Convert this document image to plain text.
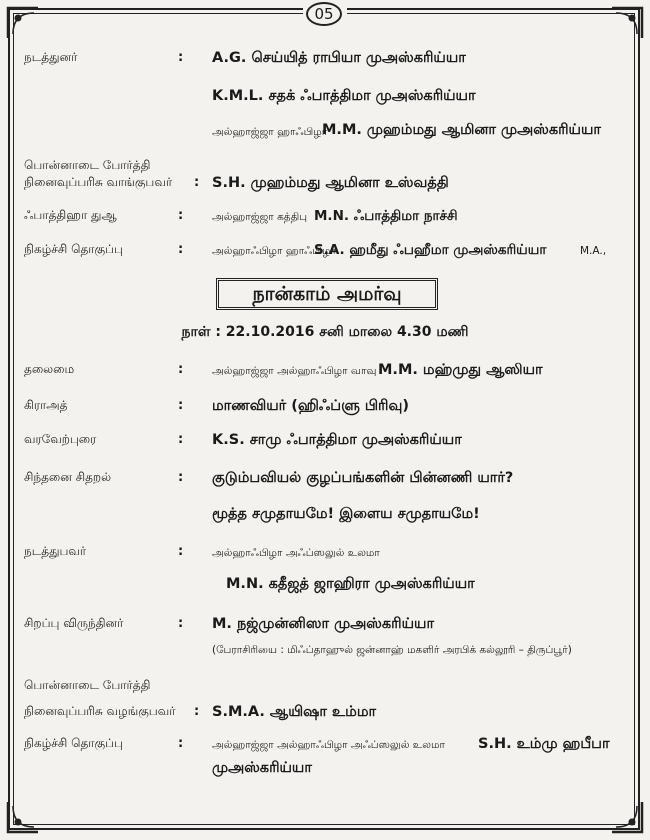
05
நடத்துனர்	: A.G. செய்யித் ராபியா முஅஸ்கரிய்யா
K.M.L. சதக் ஃபாத்திமா முஅஸ்கரிய்யா
அல்ஹாஜ்ஜா ஹாஃபிழா
M.M. முஹம்மது ஆமினா முஅஸ்கரிய்யா
பொன்னாடை போர்த்தி
நினைவுப்பரிசு வாங்குபவர் : S.H. முஹம்மது ஆமினா உஸ்வத்தி
ஃபாத்திஹா துஆ	:	அல்ஹாஜ்ஜா கத்திபு M.N. ஃபாத்திமா நாச்சி
நிகழ்ச்சி தொகுப்பு	:	அல்ஹாஃபிழா ஹாஃபிழா
S.A. ஹமீது ஃபஹீமா முஅஸ்கரிய்யா	M.A.,
நான்காம் அமர்வு
நாள் : 22.10.2016 சனி மாலை 4.30 மணி
தலைமை	:	அல்ஹாஜ்ஜா அல்ஹாஃபிழா வாவு M.M. மஹ்முது ஆஸியா
கிராஅத்	: மாணவியர் (ஹிஃப்ளு பிரிவு)
வரவேற்புரை	: K.S. சாமு ஃபாத்திமா முஅஸ்கரிய்யா
சிந்தனை சிதறல்	: குடும்பவியல் குழப்பங்களின் பின்னணி யார்?
மூத்த சமுதாயமே! இளைய சமுதாயமே!
நடத்துபவர்	:	அல்ஹாஃபிழா அஃப்ஸலுல் உலமா
M.N. கதீஜத் ஜாஹிரா முஅஸ்கரிய்யா
சிறப்பு விருந்தினர்	: M. நஜ்முன்னிஸா முஅஸ்கரிய்யா
(பேராசிரியை : மிஃப்தாஹுல் ஜன்னாஹ் மகளிர் அரபிக் கல்லூரி – திருப்பூர்)
பொன்னாடை போர்த்தி
நினைவுப்பரிசு வழங்குபவர் : S.M.A. ஆயிஷா உம்மா
நிகழ்ச்சி தொகுப்பு	:	அல்ஹாஜ்ஜா அல்ஹாஃபிழா அஃப்ஸலுல் உலமா S.H. உம்மு ஹபீபா
முஅஸ்கரிய்யா
